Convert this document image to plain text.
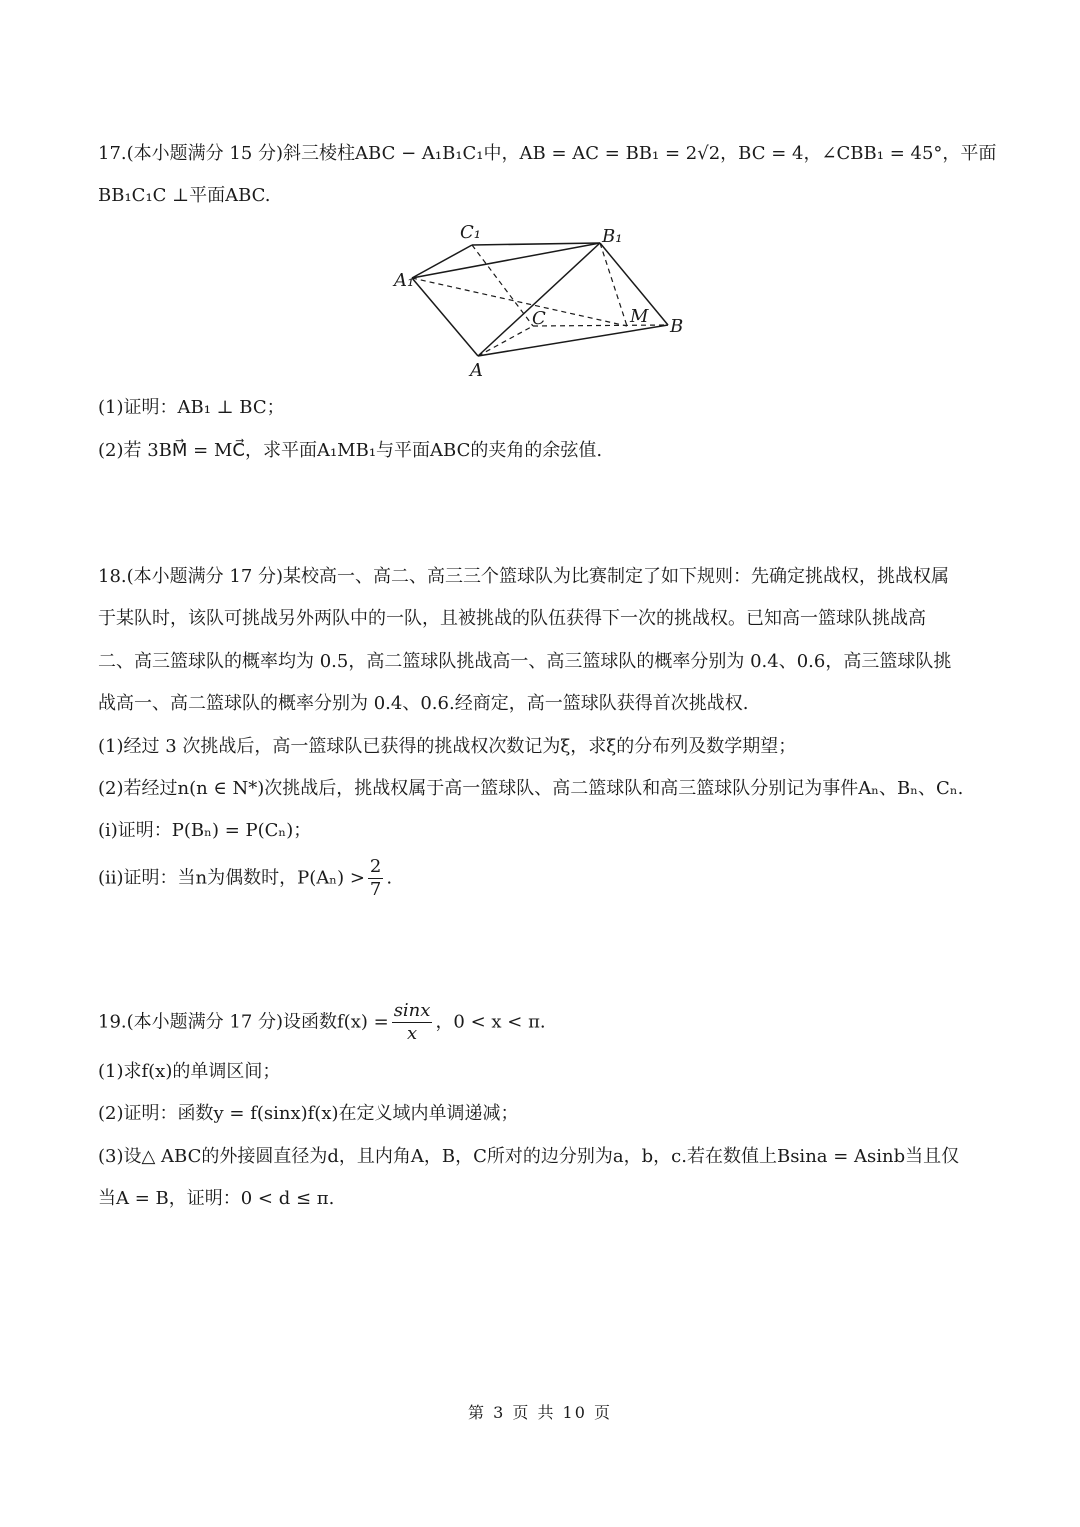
17.(本小题满分 15 分)斜三棱柱ABC − A₁B₁C₁中，AB = AC = BB₁ = 2√2，BC = 4，∠CBB₁ = 45°，平面
BB₁C₁C ⊥平面ABC.
C₁	B₁
A₁
C	M B
A
(1)证明：AB₁ ⊥ BC；
(2)若 3BM⃗ = MC⃗，求平面A₁MB₁与平面ABC的夹角的余弦值.
18.(本小题满分 17 分)某校高一、高二、高三三个篮球队为比赛制定了如下规则：先确定挑战权，挑战权属
于某队时，该队可挑战另外两队中的一队，且被挑战的队伍获得下一次的挑战权。已知高一篮球队挑战高
二、高三篮球队的概率均为 0.5，高二篮球队挑战高一、高三篮球队的概率分别为 0.4、0.6，高三篮球队挑
战高一、高二篮球队的概率分别为 0.4、0.6.经商定，高一篮球队获得首次挑战权.
(1)经过 3 次挑战后，高一篮球队已获得的挑战权次数记为ξ，求ξ的分布列及数学期望；
(2)若经过n(n ∈ N*)次挑战后，挑战权属于高一篮球队、高二篮球队和高三篮球队分别记为事件Aₙ、Bₙ、Cₙ.
(i)证明：P(Bₙ) = P(Cₙ)；
(ii)证明：当n为偶数时，$P(A_n) > \frac{2}{7}$ .
19.(本小题满分 17 分)设函数$f(x) = \frac{\sin x}{x}$ ，0 < x < π.
(1)求f(x)的单调区间；
(2)证明：函数y = f(sinx)f(x)在定义域内单调递减；
(3)设△ ABC的外接圆直径为d，且内角A，B，C所对的边分别为a，b，c.若在数值上Bsina = Asinb当且仅
当A = B，证明：0 < d ≤ π.
第 3 页 共 10 页
